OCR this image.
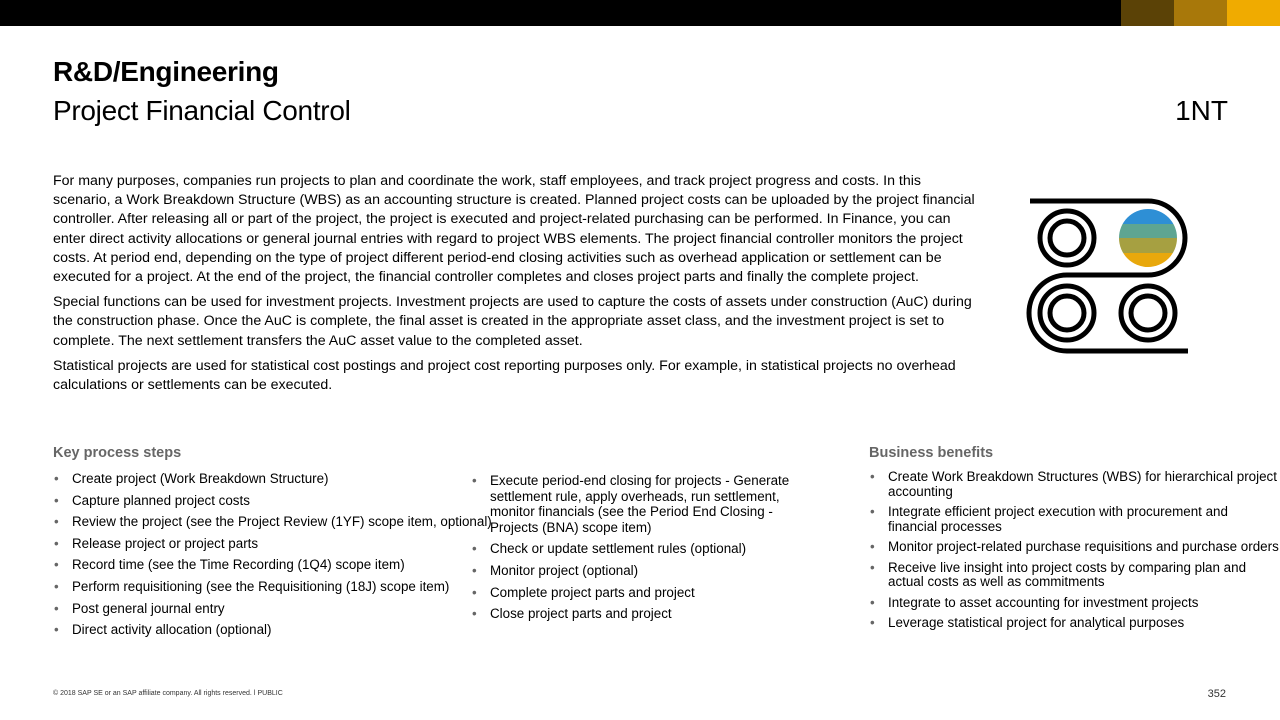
R&D/Engineering
Project Financial Control	1NT

For many purposes, companies run projects to plan and coordinate the work, staff employees, and track project progress and costs. In this scenario, a Work Breakdown Structure (WBS) as an accounting structure is created. Planned project costs can be uploaded by the project financial controller. After releasing all or part of the project, the project is executed and project-related purchasing can be performed. In Finance, you can enter direct activity allocations or general journal entries with regard to project WBS elements. The project financial controller monitors the project costs. At period end, depending on the type of project different period-end closing activities such as overhead application or settlement can be executed for a project. At the end of the project, the financial controller completes and closes project parts and finally the complete project.

Special functions can be used for investment projects. Investment projects are used to capture the costs of assets under construction (AuC) during the construction phase. Once the AuC is complete, the final asset is created in the appropriate asset class, and the investment project is set to complete. The next settlement transfers the AuC asset value to the completed asset.

Statistical projects are used for statistical cost postings and project cost reporting purposes only. For example, in statistical projects no overhead calculations or settlements can be executed.

Key process steps
• Create project (Work Breakdown Structure)
• Capture planned project costs
• Review the project (see the Project Review (1YF) scope item, optional)
• Release project or project parts
• Record time (see the Time Recording (1Q4) scope item)
• Perform requisitioning (see the Requisitioning (18J) scope item)
• Post general journal entry
• Direct activity allocation (optional)
• Execute period-end closing for projects - Generate settlement rule, apply overheads, run settlement, monitor financials (see the Period End Closing - Projects (BNA) scope item)
• Check or update settlement rules (optional)
• Monitor project (optional)
• Complete project parts and project
• Close project parts and project
Business benefits
• Create Work Breakdown Structures (WBS) for hierarchical project accounting
• Integrate efficient project execution with procurement and financial processes
• Monitor project-related purchase requisitions and purchase orders
• Receive live insight into project costs by comparing plan and actual costs as well as commitments
• Integrate to asset accounting for investment projects
• Leverage statistical project for analytical purposes
© 2018 SAP SE or an SAP affiliate company. All rights reserved. ǀ PUBLIC	352
